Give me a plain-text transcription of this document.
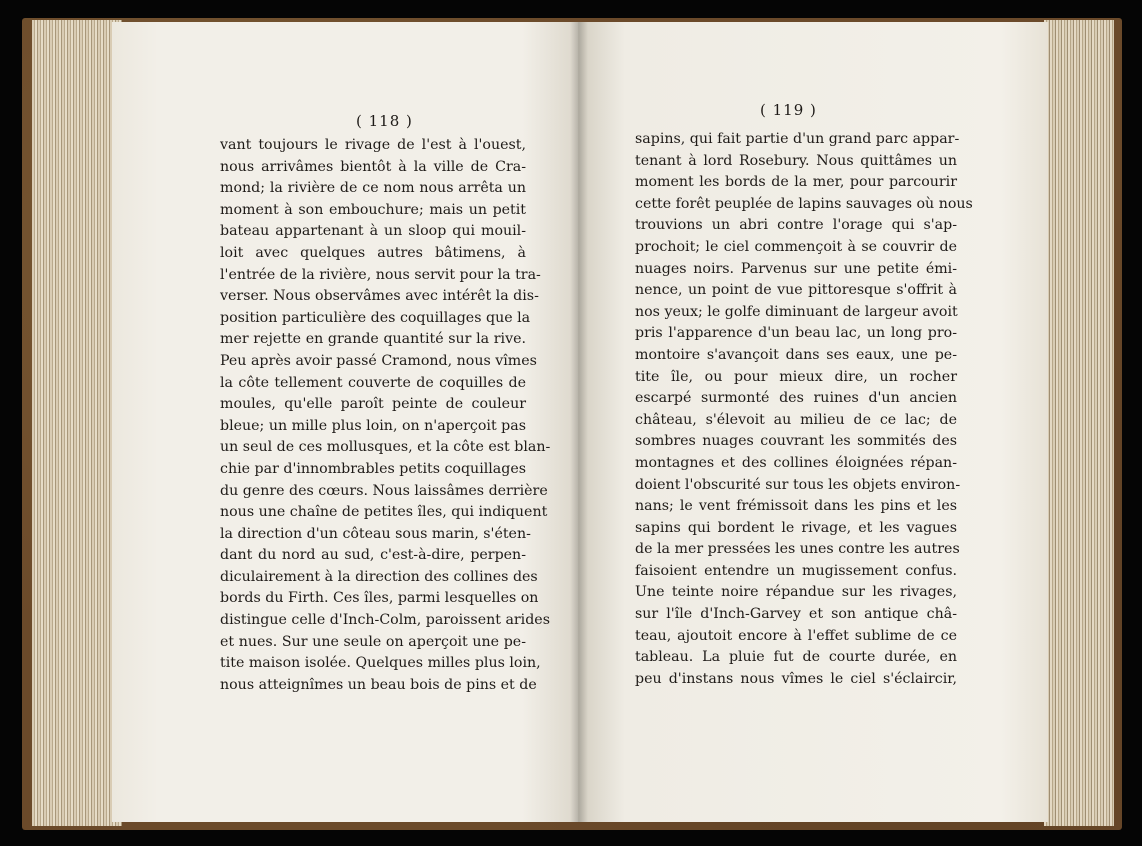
( 118 )
( 119 )
vant toujours le rivage de l'est à l'ouest,
nous arrivâmes bientôt à la ville de Cra-
mond; la rivière de ce nom nous arrêta un
moment à son embouchure; mais un petit
bateau appartenant à un sloop qui mouil-
loit avec quelques autres bâtimens, à
l'entrée de la rivière, nous servit pour la tra-
verser. Nous observâmes avec intérêt la dis-
position particulière des coquillages que la
mer rejette en grande quantité sur la rive.
Peu après avoir passé Cramond, nous vîmes
la côte tellement couverte de coquilles de
moules, qu'elle paroît peinte de couleur
bleue; un mille plus loin, on n'aperçoit pas
un seul de ces mollusques, et la côte est blan-
chie par d'innombrables petits coquillages
du genre des cœurs. Nous laissâmes derrière
nous une chaîne de petites îles, qui indiquent
la direction d'un côteau sous marin, s'éten-
dant du nord au sud, c'est-à-dire, perpen-
diculairement à la direction des collines des
bords du Firth. Ces îles, parmi lesquelles on
distingue celle d'Inch-Colm, paroissent arides
et nues. Sur une seule on aperçoit une pe-
tite maison isolée. Quelques milles plus loin,
nous atteignîmes un beau bois de pins et de
sapins, qui fait partie d'un grand parc appar-
tenant à lord Rosebury. Nous quittâmes un
moment les bords de la mer, pour parcourir
cette forêt peuplée de lapins sauvages où nous
trouvions un abri contre l'orage qui s'ap-
prochoit; le ciel commençoit à se couvrir de
nuages noirs. Parvenus sur une petite émi-
nence, un point de vue pittoresque s'offrit à
nos yeux; le golfe diminuant de largeur avoit
pris l'apparence d'un beau lac, un long pro-
montoire s'avançoit dans ses eaux, une pe-
tite île, ou pour mieux dire, un rocher
escarpé surmonté des ruines d'un ancien
château, s'élevoit au milieu de ce lac; de
sombres nuages couvrant les sommités des
montagnes et des collines éloignées répan-
doient l'obscurité sur tous les objets environ-
nans; le vent frémissoit dans les pins et les
sapins qui bordent le rivage, et les vagues
de la mer pressées les unes contre les autres
faisoient entendre un mugissement confus.
Une teinte noire répandue sur les rivages,
sur l'île d'Inch-Garvey et son antique châ-
teau, ajoutoit encore à l'effet sublime de ce
tableau. La pluie fut de courte durée, en
peu d'instans nous vîmes le ciel s'éclaircir,
